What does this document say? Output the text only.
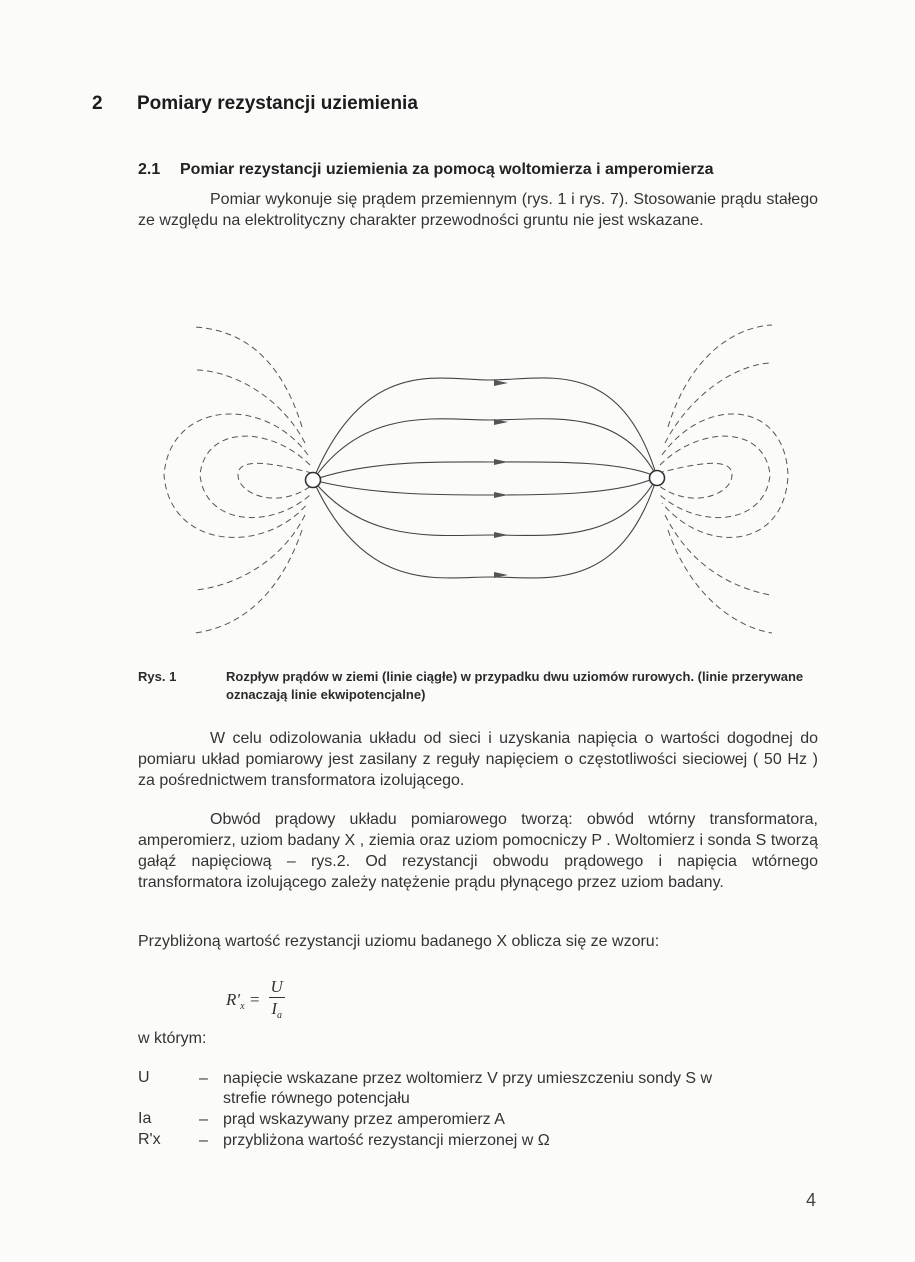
2 Pomiary rezystancji uziemienia
2.1 Pomiar rezystancji uziemienia za pomocą woltomierza i amperomierza
Pomiar wykonuje się prądem przemiennym (rys. 1 i rys. 7). Stosowanie prądu stałego ze względu na elektrolityczny charakter przewodności gruntu nie jest wskazane.
Rys. 1	Rozpływ prądów w ziemi (linie ciągłe) w przypadku dwu uziomów rurowych. (linie przerywane oznaczają linie ekwipotencjalne)
W celu odizolowania układu od sieci i uzyskania napięcia o wartości dogodnej do pomiaru układ pomiarowy jest zasilany z reguły napięciem o częstotliwości sieciowej ( 50 Hz ) za pośrednictwem transformatora izolującego.
Obwód prądowy układu pomiarowego tworzą: obwód wtórny transformatora, amperomierz, uziom badany X , ziemia oraz uziom pomocniczy P . Woltomierz i sonda S tworzą gałąź napięciową – rys.2. Od rezystancji obwodu prądowego i napięcia wtórnego transformatora izolującego zależy natężenie prądu płynącego przez uziom badany.
Przybliżoną wartość rezystancji uziomu badanego X oblicza się ze wzoru:
$R'_x = \frac{U}{I_a}$
w którym:
U	– napięcie wskazane przez woltomierz V przy umieszczeniu sondy S w
strefie równego potencjału
Ia	– prąd wskazywany przez amperomierz A
R'x – przybliżona wartość rezystancji mierzonej w Ω
4
